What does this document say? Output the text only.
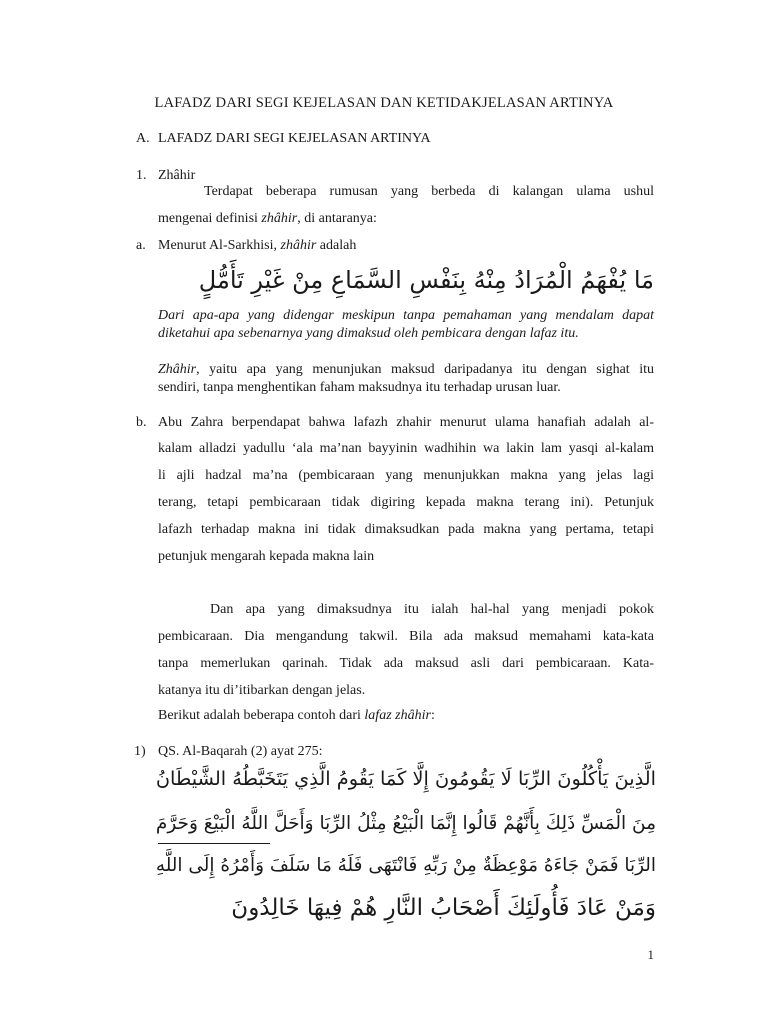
LAFADZ DARI SEGI KEJELASAN DAN KETIDAKJELASAN ARTINYA
A. LAFADZ DARI SEGI KEJELASAN ARTINYA
1. Zhâhir
Terdapat beberapa rumusan yang berbeda di kalangan ulama ushul
mengenai definisi zhâhir, di antaranya:
a. Menurut Al-Sarkhisi, zhâhir adalah
مَا يُفْهَمُ الْمُرَادُ مِنْهُ بِنَفْسِ السَّمَاعِ مِنْ غَيْرِ تَأَمُّلٍ
Dari apa-apa yang didengar meskipun tanpa pemahaman yang mendalam dapat
diketahui apa sebenarnya yang dimaksud oleh pembicara dengan lafaz itu.
Zhâhir, yaitu apa yang menunjukan maksud daripadanya itu dengan sighat itu
sendiri, tanpa menghentikan faham maksudnya itu terhadap urusan luar.
b. Abu Zahra berpendapat bahwa lafazh zhahir menurut ulama hanafiah adalah al-
kalam alladzi yadullu ‘ala ma’nan bayyinin wadhihin wa lakin lam yasqi al-kalam
li ajli hadzal ma’na (pembicaraan yang menunjukkan makna yang jelas lagi
terang, tetapi pembicaraan tidak digiring kepada makna terang ini). Petunjuk
lafazh terhadap makna ini tidak dimaksudkan pada makna yang pertama, tetapi
petunjuk mengarah kepada makna lain
Dan apa yang dimaksudnya itu ialah hal-hal yang menjadi pokok
pembicaraan. Dia mengandung takwil. Bila ada maksud memahami kata-kata
tanpa memerlukan qarinah. Tidak ada maksud asli dari pembicaraan. Kata-
katanya itu di’itibarkan dengan jelas.
Berikut adalah beberapa contoh dari lafaz zhâhir:
1) QS. Al-Baqarah (2) ayat 275:
الَّذِينَ يَأْكُلُونَ الرِّبَا لَا يَقُومُونَ إِلَّا كَمَا يَقُومُ الَّذِي يَتَخَبَّطُهُ الشَّيْطَانُ
مِنَ الْمَسِّ ذَلِكَ بِأَنَّهُمْ قَالُوا إِنَّمَا الْبَيْعُ مِثْلُ الرِّبَا وَأَحَلَّ اللَّهُ الْبَيْعَ وَحَرَّمَ
الرِّبَا فَمَنْ جَاءَهُ مَوْعِظَةٌ مِنْ رَبِّهِ فَانْتَهَى فَلَهُ مَا سَلَفَ وَأَمْرُهُ إِلَى اللَّهِ
وَمَنْ عَادَ فَأُولَئِكَ أَصْحَابُ النَّارِ هُمْ فِيهَا خَالِدُونَ
1
